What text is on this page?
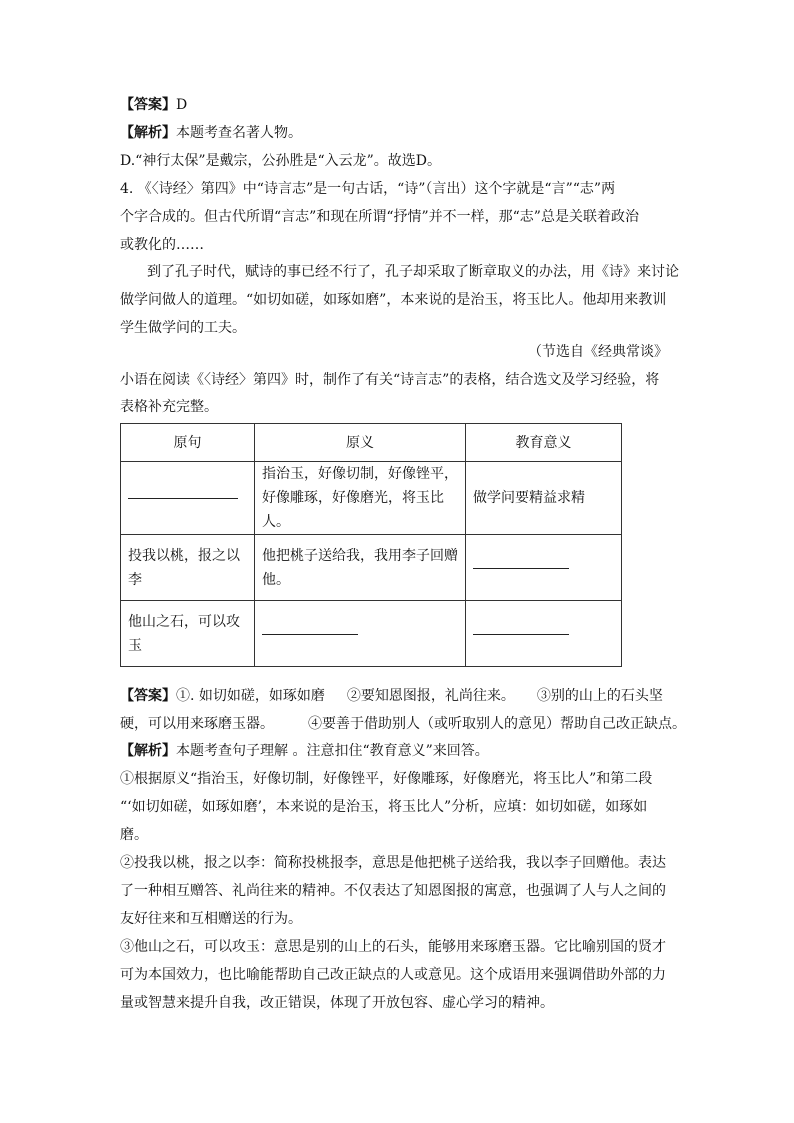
【答案】D
【解析】本题考查名著人物。
D.“神行太保”是戴宗，公孙胜是“入云龙”。故选D。
4. 《〈诗经〉第四》中“诗言志”是一句古话，“诗”（言出）这个字就是“言”“志”两
个字合成的。但古代所谓“言志”和现在所谓“抒情”并不一样，那“志”总是关联着政治
或教化的……
到了孔子时代，赋诗的事已经不行了，孔子却采取了断章取义的办法，用《诗》来讨论
做学问做人的道理。“如切如磋，如琢如磨”，本来说的是治玉，将玉比人。他却用来教训
学生做学问的工夫。
（节选自《经典常谈》
小语在阅读《〈诗经〉第四》时，制作了有关“诗言志”的表格，结合选文及学习经验，将
表格补充完整。
原句	原义	教育意义
	指治玉，好像切制，好像锉平，好像雕琢，好像磨光，将玉比人。	做学问要精益求精
投我以桃，报之以李	他把桃子送给我，我用李子回赠他。	
他山之石，可以攻玉		
【答案】①. 如切如磋，如琢如磨 ②要知恩图报，礼尚往来。 ③别的山上的石头坚
硬，可以用来琢磨玉器。 ④要善于借助别人（或听取别人的意见）帮助自己改正缺点。
【解析】本题考查句子理解 。注意扣住“教育意义”来回答。
①根据原义“指治玉，好像切制，好像锉平，好像雕琢，好像磨光，将玉比人”和第二段
“‘如切如磋，如琢如磨’，本来说的是治玉，将玉比人”分析，应填：如切如磋，如琢如
磨。
②投我以桃，报之以李：简称投桃报李，意思是他把桃子送给我，我以李子回赠他。表达
了一种相互赠答、礼尚往来的精神。不仅表达了知恩图报的寓意，也强调了人与人之间的
友好往来和互相赠送的行为。
③他山之石，可以攻玉：意思是别的山上的石头，能够用来琢磨玉器。它比喻别国的贤才
可为本国效力，也比喻能帮助自己改正缺点的人或意见。这个成语用来强调借助外部的力
量或智慧来提升自我，改正错误，体现了开放包容、虚心学习的精神。
